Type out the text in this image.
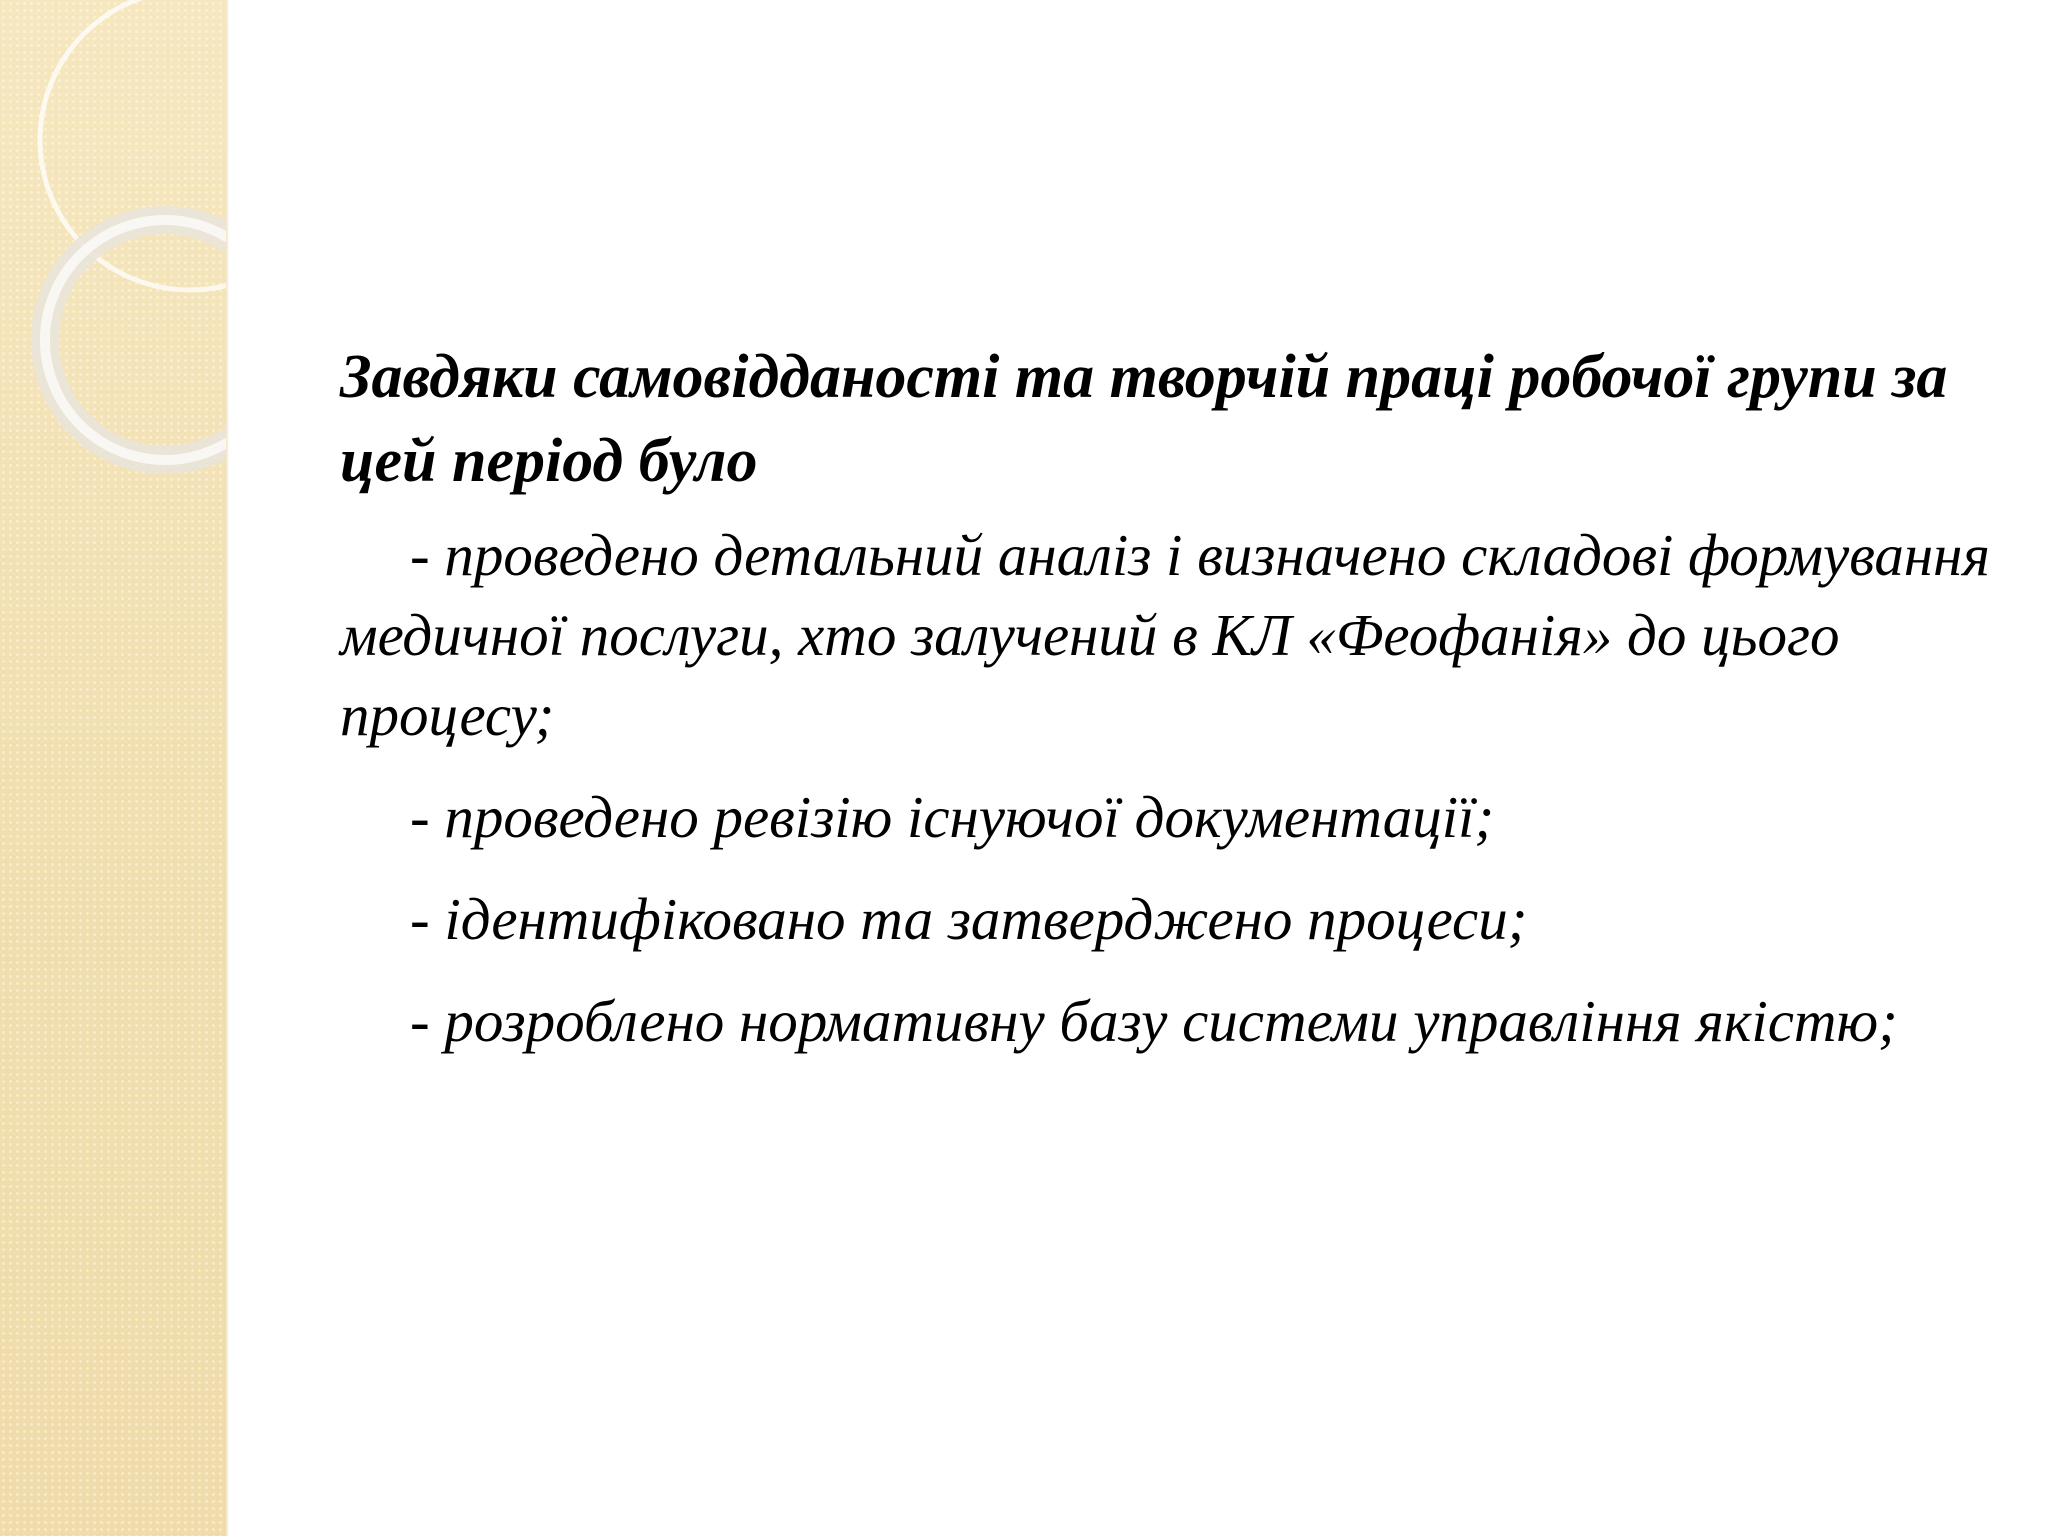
Завдяки самовідданості та творчій праці робочої групи за цей період було
- проведено детальний аналіз і визначено складові формування медичної послуги, хто залучений в КЛ «Феофанія» до цього процесу;
- проведено ревізію існуючої документації;
- ідентифіковано та затверджено процеси;
- розроблено нормативну базу системи управління якістю;
